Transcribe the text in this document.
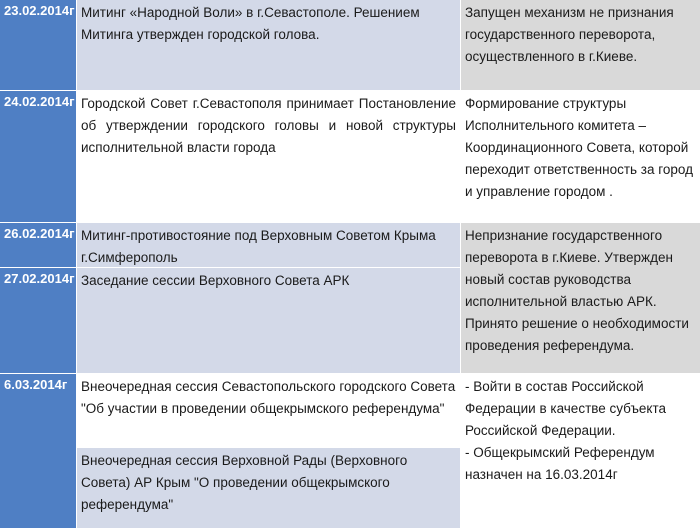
23.02.2014г Митинг «Народной Воли» в г.Севастополе. Решением Митинга утвержден городской голова.
Запущен механизм не признания государственного переворота, осуществленного в г.Киеве.
24.02.2014г Городской Совет г.Севастополя принимает Постановление об утверждении городского головы и новой структуры исполнительной власти города
Формирование структуры Исполнительного комитета – Координационного Совета, которой переходит ответственность за город и управление городом .
26.02.2014г Митинг-противостояние под Верховным Советом Крыма г.Симферополь
27.02.2014г Заседание сессии Верховного Совета АРК
Непризнание государственного переворота в г.Киеве. Утвержден новый состав руководства исполнительной властью АРК. Принято решение о необходимости проведения референдума.
6.03.2014г	Внеочередная сессия Севастопольского городского Совета "Об участии в проведении общекрымского референдума"
Внеочередная сессия Верховной Рады (Верховного Совета) АР Крым "О проведении общекрымского референдума"
- Войти в состав Российской Федерации в качестве субъекта Российской Федерации.
- Общекрымский Референдум назначен на 16.03.2014г
